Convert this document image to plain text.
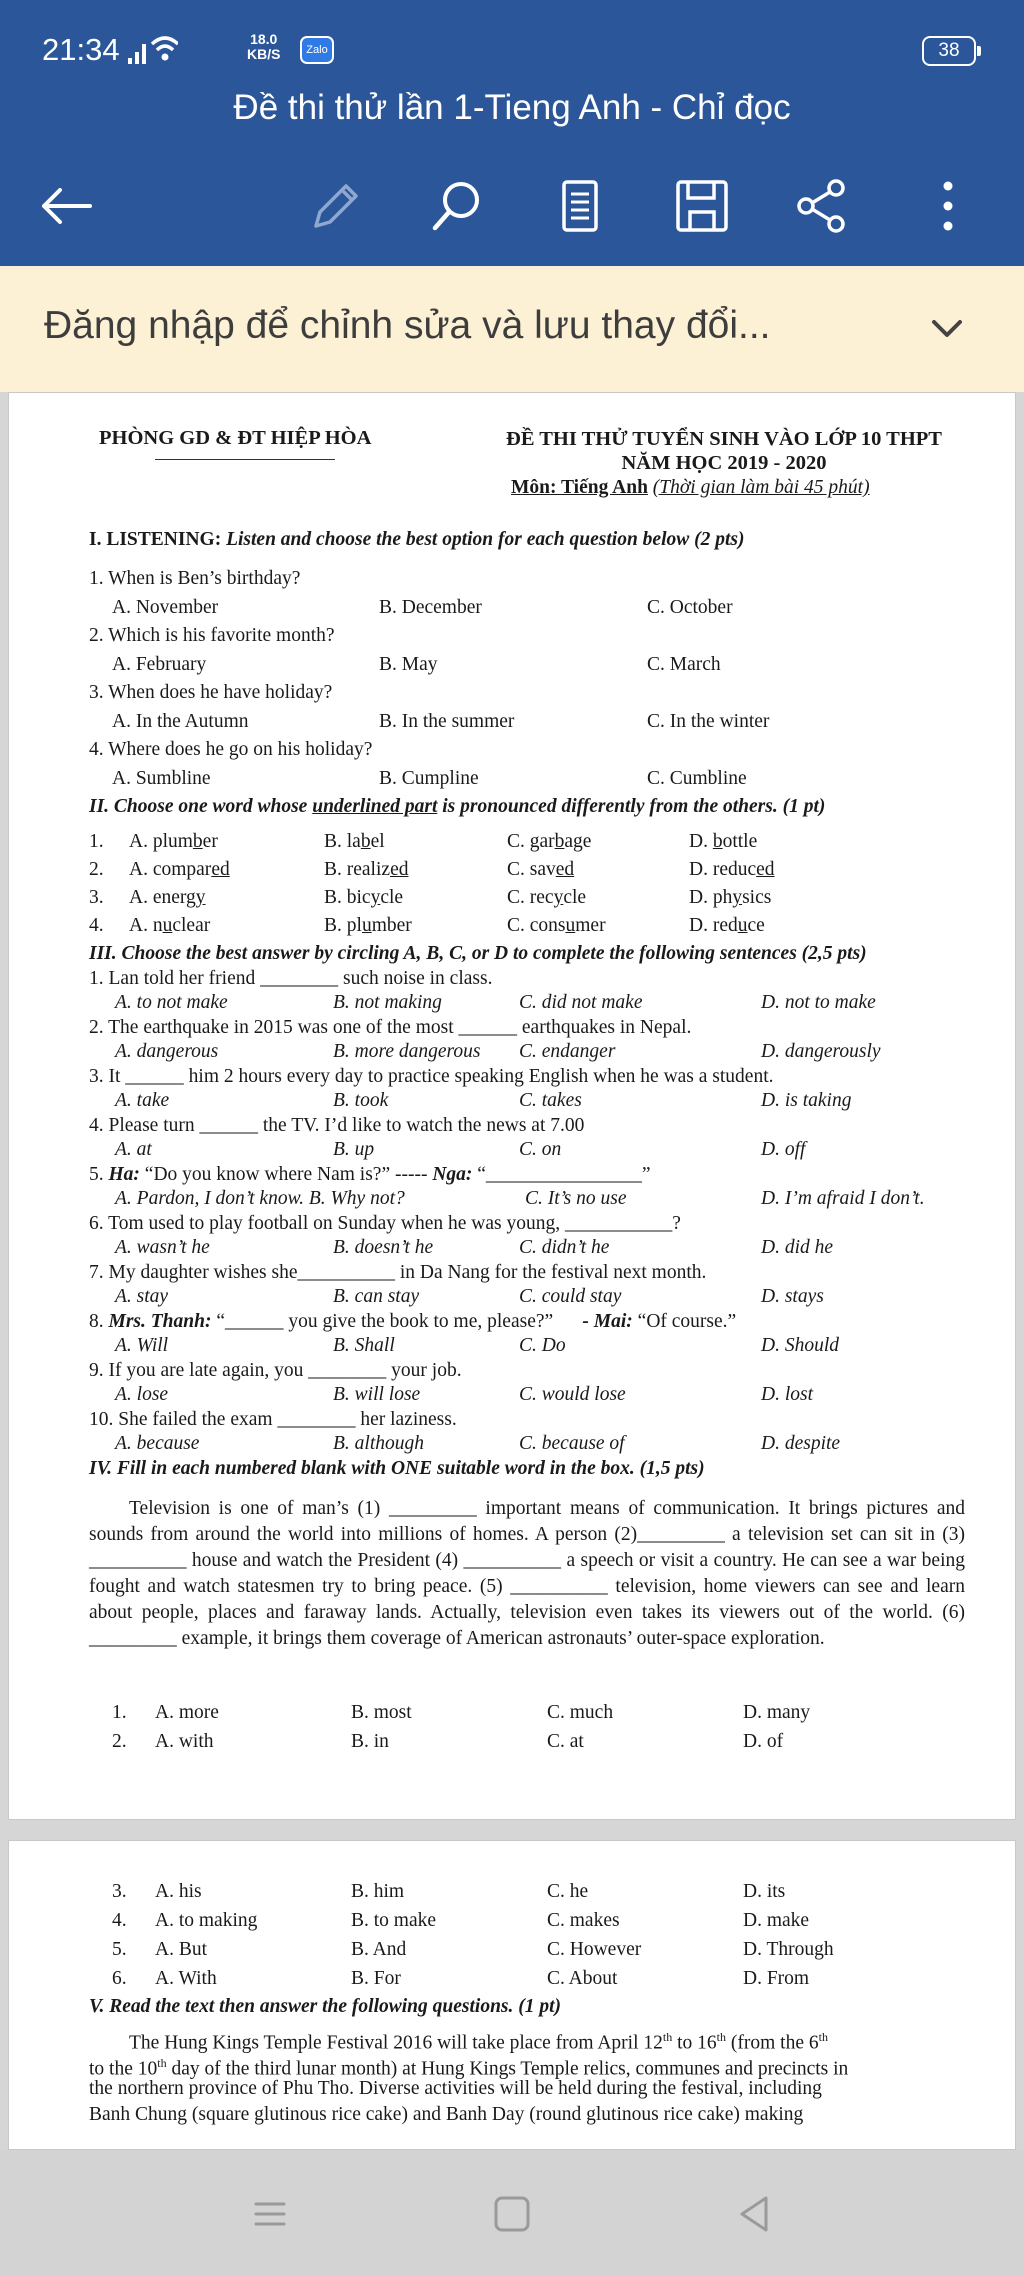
21:34	18.0
KB/S	Zalo	38
Đề thi thử lần 1-Tieng Anh - Chỉ đọc
Đăng nhập để chỉnh sửa và lưu thay đổi...
PHÒNG GD & ĐT HIỆP HÒA	ĐỀ THI THỬ TUYỂN SINH VÀO LỚP 10 THPT
NĂM HỌC 2019 - 2020
Môn: Tiếng Anh (Thời gian làm bài 45 phút)
I. LISTENING: Listen and choose the best option for each question below (2 pts)
1. When is Ben’s birthday?
A. November	B. December	C. October
2. Which is his favorite month?
A. February	B. May	C. March
3. When does he have holiday?
A. In the Autumn	B. In the summer	C. In the winter
4. Where does he go on his holiday?
A. Sumbline	B. Cumpline	C. Cumbline
II. Choose one word whose underlined part is pronounced differently from the others. (1 pt)
1. A. plumber	B. label	C. garbage	D. bottle
2. A. compared	B. realized	C. saved	D. reduced
3. A. energy	B. bicycle	C. recycle	D. physics
4. A. nuclear	B. plumber	C. consumer	D. reduce
III. Choose the best answer by circling A, B, C, or D to complete the following sentences (2,5 pts)
1. Lan told her friend ________ such noise in class.
A. to not make	B. not making	C. did not make	D. not to make
2. The earthquake in 2015 was one of the most ______ earthquakes in Nepal.
A. dangerous	B. more dangerous C. endanger	D. dangerously
3. It ______ him 2 hours every day to practice speaking English when he was a student.
A. take	B. took	C. takes	D. is taking
4. Please turn ______ the TV. I’d like to watch the news at 7.00
A. at	B. up	C. on	D. off
5. Ha: “Do you know where Nam is?” ----- Nga: “________________”
A. Pardon, I don’t know. B. Why not?	C. It’s no use	D. I’m afraid I don’t.
6. Tom used to play football on Sunday when he was young, ___________?
A. wasn’t he	B. doesn’t he	C. didn’t he	D. did he
7. My daughter wishes she__________ in Da Nang for the festival next month.
A. stay	B. can stay	C. could stay	D. stays
8. Mrs. Thanh: “______ you give the book to me, please?” - Mai: “Of course.”
A. Will	B. Shall	C. Do	D. Should
9. If you are late again, you ________ your job.
A. lose	B. will lose	C. would lose	D. lost
10. She failed the exam ________ her laziness.
A. because	B. although	C. because of	D. despite
IV. Fill in each numbered blank with ONE suitable word in the box. (1,5 pts)
Television is one of man’s (1) _________ important means of communication. It brings pictures and sounds from around the world into millions of homes. A person (2)_________ a television set can sit in (3) __________ house and watch the President (4) __________ a speech or visit a country. He can see a war being fought and watch statesmen try to bring peace. (5) __________ television, home viewers can see and learn about people, places and faraway lands. Actually, television even takes its viewers out of the world. (6) _________ example, it brings them coverage of American astronauts’ outer-space exploration.
1. A. more	B. most	C. much	D. many
2. A. with	B. in	C. at	D. of
3. A. his	B. him	C. he	D. its
4. A. to making	B. to make	C. makes	D. make
5. A. But	B. And	C. However	D. Through
6. A. With	B. For	C. About	D. From
V. Read the text then answer the following questions. (1 pt)
The Hung Kings Temple Festival 2016 will take place from April 12th to 16th (from the 6th
to the 10th day of the third lunar month) at Hung Kings Temple relics, communes and precincts in
the northern province of Phu Tho. Diverse activities will be held during the festival, including
Banh Chung (square glutinous rice cake) and Banh Day (round glutinous rice cake) making
